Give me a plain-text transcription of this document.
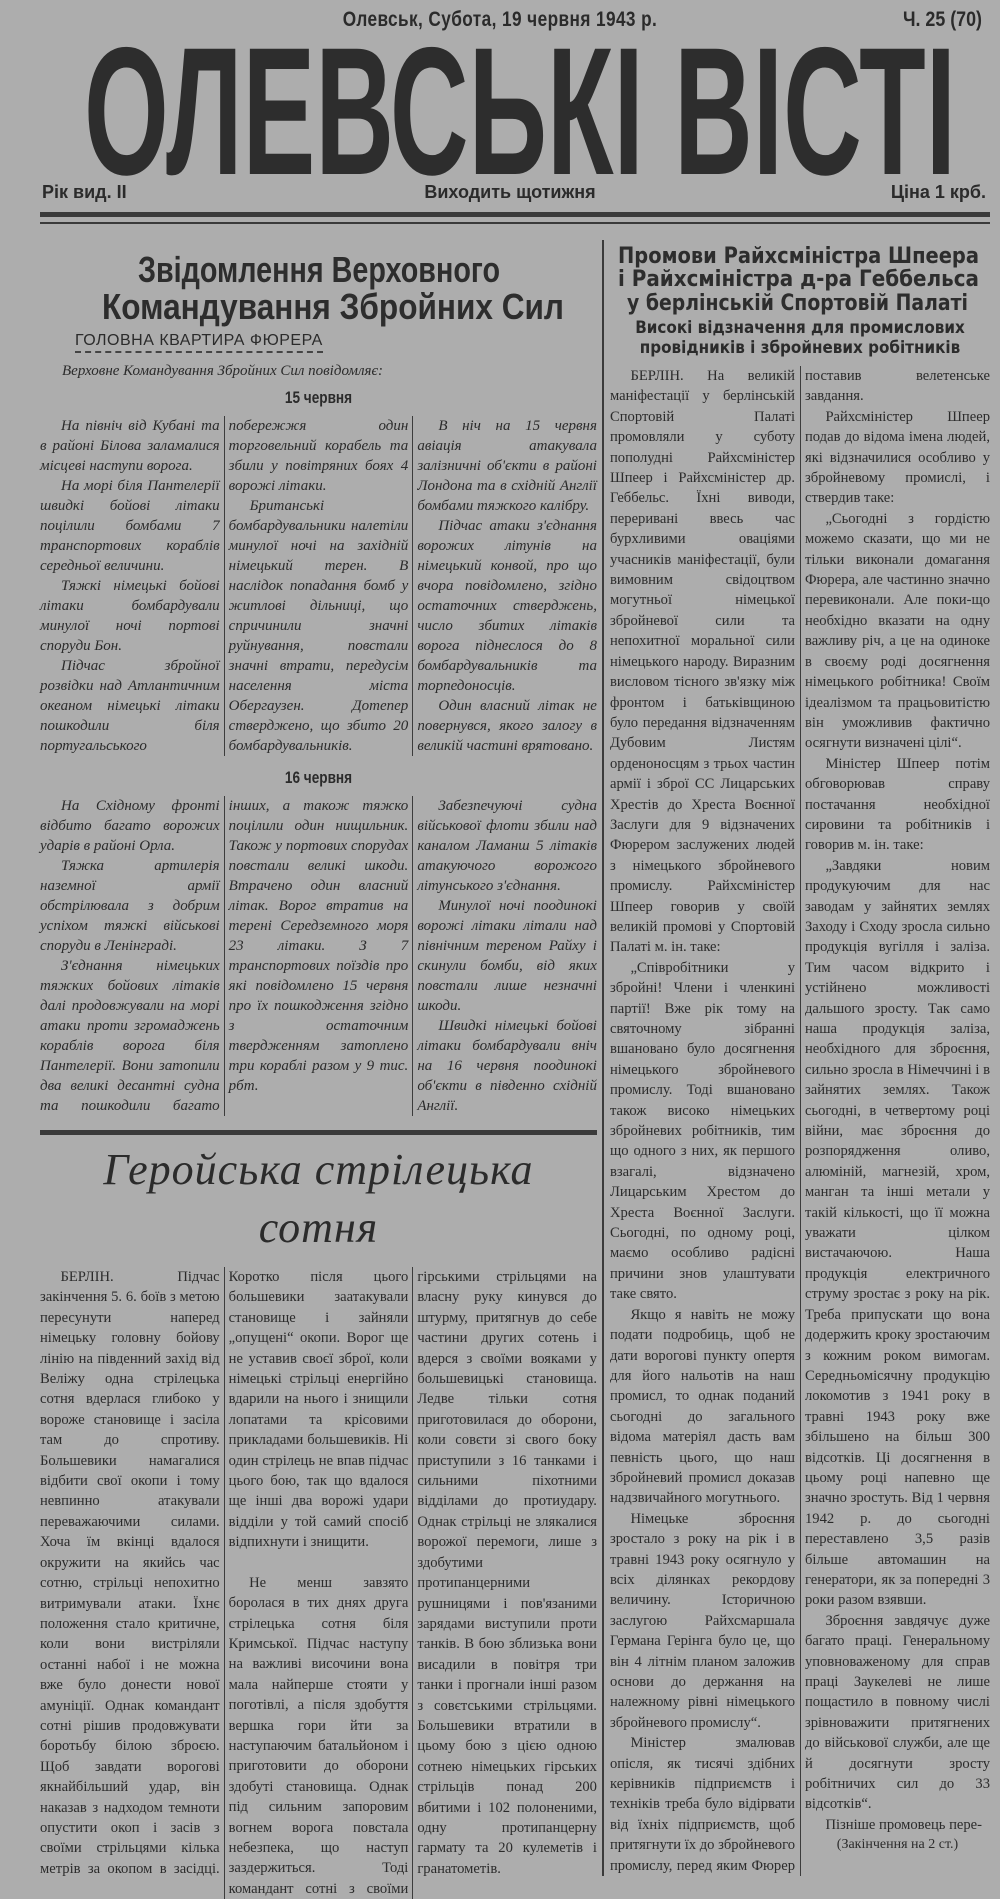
Олевськ, Субота, 19 червня 1943 р.	Ч. 25 (70)
ОЛЕВСЬКІ ВІСТІ
Рік вид. II	Виходить щотижня	Ціна 1 крб.
Звідомлення Верховного
Командування Збройних Сил
ГОЛОВНА КВАРТИРА ФЮРЕРА
Верховне Командування Збройних Сил повідомляє:
15 червня

На північ від Кубані та в районі Білова заламалися місцеві наступи ворога.

На морі біля Пантелерії швидкі бойові літаки поцілили бомбами 7 транспортових кораблів середньої величини.

Тяжкі німецькі бойові літаки бомбардували минулої ночі портові споруди Бон.

Підчас збройної розвідки над Атлантичним океаном німецькі літаки пошкодили біля португальського побережжя один торговельний корабель та збили у повітряних боях 4 ворожі літаки.

Британські бомбардувальники налетіли минулої ночі на західній німецький терен. В наслідок попадання бомб у житлові дільниці, що спричинили значні руйнування, повстали значні втрати, передусім населення міста Обергаузен. Дотепер стверджено, що збито 20 бомбардувальників.

В ніч на 15 червня авіація атакувала залізничні об'єкти в районі Лондона та в східній Англії бомбами тяжкого калібру.

Підчас атаки з'єднання ворожих літунів на німецький конвой, про що вчора повідомлено, згідно остаточних стверджень, число збитих літаків ворога піднеслося до 8 бомбардувальників та торпедоносців.

Один власний літак не повернувся, якого залогу в великій частині врятовано.

16 червня

На Східному фронті відбито багато ворожих ударів в районі Орла.

Тяжка артилерія наземної армії обстрілювала з добрим успіхом тяжкі військові споруди в Ленінграді.

З'єднання німецьких тяжких бойових літаків далі продовжували на морі атаки проти згромаджень кораблів ворога біля Пантелерії. Вони затопили два великі десантні судна та пошкодили багато інших, а також тяжко поцілили один нищильник. Також у портових спорудах повстали великі шкоди. Втрачено один власний літак. Ворог втратив на терені Середземного моря 23 літаки. З 7 транспортових поїздів про які повідомлено 15 червня про їх пошкодження згідно з остаточним твердженням затоплено три кораблі разом у 9 тис. рбт.

Забезпечуючі судна військової флоти збили над каналом Ламанш 5 літаків атакуючого ворожого літунського з'єднання.

Минулої ночі поодинокі ворожі літаки літали над північним тереном Райху і скинули бомби, від яких повстали лише незначні шкоди.

Швидкі німецькі бойові літаки бомбардували вніч на 16 червня поодинокі об'єкти в південно східній Англії.

Геройська стрілецька сотня

БЕРЛІН. Підчас закінчення 5. 6. боїв з метою пересунути наперед німецьку головну бойову лінію на південний захід від Веліжу одна стрілецька сотня вдерлася глибоко у вороже становище і засіла там до спротиву. Большевики намагалися відбити свої окопи і тому невпинно атакували переважаючими силами. Хоча їм вкінці вдалося окружити на якийсь час сотню, стрільці непохитно витримували атаки. Їхнє положення стало критичне, коли вони вистріляли останні набої і не можна вже було донести нової амуніції. Однак командант сотні рішив продовжувати боротьбу білою зброєю. Щоб завдати ворогові якнайбільший удар, він наказав з надходом темноти опустити окоп і засів з своїми стрільцями кілька метрів за окопом в засідці. Коротко після цього большевики заатакували становище і зайняли „опущені“ окопи. Ворог ще не уставив своєї зброї, коли німецькі стрільці енергійно вдарили на нього і знищили лопатами та крісовими прикладами большевиків. Ні один стрілець не впав підчас цього бою, так що вдалося ще інші два ворожі удари відділи у той самий спосіб відпихнути і знищити.

Не менш завзято боролася в тих днях друга стрілецька сотня біля Кримської. Підчас наступу на важливі височини вона мала найперше стояти у поготівлі, а після здобуття вершка гори йти за наступаючим батальйоном і приготовити до оборони здобуті становища. Однак під сильним запоровим вогнем ворога повстала небезпека, що наступ заздержиться. Тоді командант сотні з своїми гірськими стрільцями на власну руку кинувся до штурму, притягнув до себе частини других сотень і вдерся з своїми вояками у большевицькі становища. Ледве тільки сотня приготовилася до оборони, коли совєти зі свого боку приступили з 16 танками і сильними піхотними відділами до протиудару. Однак стрільці не злякалися ворожої перемоги, лише з здобутими протипанцерними рушницями і пов'язаними зарядами виступили проти танків. В бою зблизька вони висадили в повітря три танки і прогнали інші разом з совєтськими стрільцями. Большевики втратили в цьому бою з цією одною сотнею німецьких гірських стрільців понад 200 вбитими і 102 полоненими, одну протипанцерну гармату та 20 кулеметів і гранатометів.

Промови Райхсміністра Шпеера
і Райхсміністра д-ра Геббельса
у берлінській Спортовій Палаті
Високі відзначення для промислових
провідників і збройневих робітників

БЕРЛІН. На великій маніфестації у берлінській Спортовій Палаті промовляли у суботу пополудні Райхсміністер Шпеер і Райхсміністер др. Геббельс. Їхні виводи, перериванi ввесь час бурхливими оваціями учасників маніфестації, були вимовним свідоцтвом могутньої німецької збройневої сили та непохитної моральної сили німецького народу. Виразним висловом тісного зв'язку між фронтом і батьківщиною було передання відзначенням Дубовим Листям орденоносцям з трьох частин армії і зброї СС Лицарських Хрестів до Хреста Воєнної Заслуги для 9 відзначених Фюрером заслужених людей з німецького збройневого промислу. Райхсміністер Шпеер говорив у своїй великій промові у Спортовій Палаті м. ін. таке:

„Співробітники у збройні! Члени і членкині партії! Вже рік тому на святочному зібранні вшановано було досягнення німецького збройневого промислу. Тоді вшановано також високо німецьких збройневих робітників, тим що одного з них, як першого взагалі, відзначено Лицарським Хрестом до Хреста Воєнної Заслуги. Сьогодні, по одному році, маємо особливо радісні причини знов улаштувати таке свято.

Якщо я навіть не можу подати подробиць, щоб не дати ворогові пункту опертя для його нальотів на наш промисл, то однак поданий сьогодні до загального відома матеріял дасть вам певність цього, що наш збройневий промисл доказав надзвичайного могутнього.

Німецьке зброєння зростало з року на рік і в травні 1943 року осягнуло у всіх ділянках рекордову величину. Історичною заслугою Райхсмаршала Германа Герінга було це, що він 4 літнім планом заложив основи до держання на належному рівні німецького збройневого промислу“.

Міністер змалював опісля, як тисячі здібних керівників підприємств і техніків треба було відірвати від їхніх підприємств, щоб притягнути їх до збройневого промислу, перед яким Фюрер поставив велетенське завдання.

Райхсміністер Шпеер подав до відома імена людей, які відзначилися особливо у збройневому промислі, і ствердив таке:

„Сьогодні з гордістю можемо сказати, що ми не тільки виконали домагання Фюрера, але частинно значно перевиконали. Але поки-що необхідно вказати на одну важливу річ, а це на одиноке в своєму роді досягнення німецького робітника! Своїм ідеалізмом та працьовитістю він уможливив фактично осягнути визначені цілі“.

Міністер Шпеер потім обговорював справу постачання необхідної сировини та робітників і говорив м. ін. таке:

„Завдяки новим продукуючим для нас заводам у зайнятих землях Заходу і Сходу зросла сильно продукція вугілля і заліза. Тим часом відкрито і устійнено можливості дальшого зросту. Так само наша продукція заліза, необхідного для зброєння, сильно зросла в Німеччині і в зайнятих землях. Також сьогодні, в четвертому році війни, має зброєння до розпорядження оливо, алюміній, магнезій, хром, манган та інші метали у такій кількості, що її можна уважати цілком вистачаючою. Наша продукція електричного струму зростає з року на рік. Треба припускати що вона додержить кроку зростаючим з кожним роком вимогам. Середньомісячну продукцію локомотив з 1941 року в травні 1943 року вже збільшено на більш 300 відсотків. Ці досягнення в цьому році напевно ще значно зростуть. Від 1 червня 1942 р. до сьогодні переставлено 3,5 разів більше автомашин на генератори, як за попередні 3 роки разом взявши.

Зброєння завдячує дуже багато праці. Генеральному уповноваженому для справ праці Заукелеві не лише пощастило в повному числі зрівноважити притягнених до військової служби, але ще й досягнути зросту робітничих сил до 33 відсотків“.

Пізніше промовець пере-

(Закінчення на 2 ст.)
